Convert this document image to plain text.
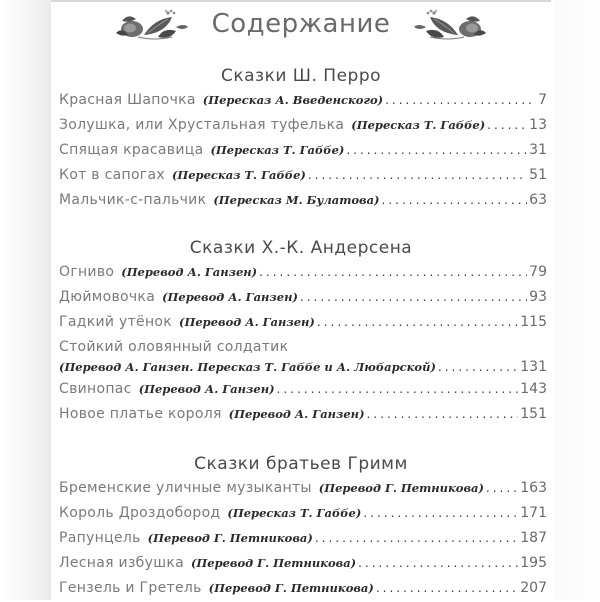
Содержание
Сказки Ш. Перро
Красная Шапочка (Пересказ А. Введенского) .....	7
Золушка, или Хрустальная туфелька (Пересказ Т. Габбе) .....	13
Спящая красавица (Пересказ Т. Габбе) .....	31
Кот в сапогах (Пересказ Т. Габбе) .....	51
Мальчик-с-пальчик (Пересказ М. Булатова) .....	63
Сказки Х.-К. Андерсена
Огниво (Перевод А. Ганзен) .....	79
Дюймовочка (Перевод А. Ганзен) .....	93
Гадкий утёнок (Перевод А. Ганзен) .....	115
Стойкий оловянный солдатик
(Перевод А. Ганзен. Пересказ Т. Габбе и А. Любарской) .....	131
Свинопас (Перевод А. Ганзен) .....	143
Новое платье короля (Перевод А. Ганзен) .....	151
Сказки братьев Гримм
Бременские уличные музыканты (Перевод Г. Петникова) .....	163
Король Дроздобород (Пересказ Т. Габбе) .....	171
Рапунцель (Перевод Г. Петникова) .....	187
Лесная избушка (Перевод Г. Петникова) .....	195
Гензель и Гретель (Перевод Г. Петникова) .....	207
